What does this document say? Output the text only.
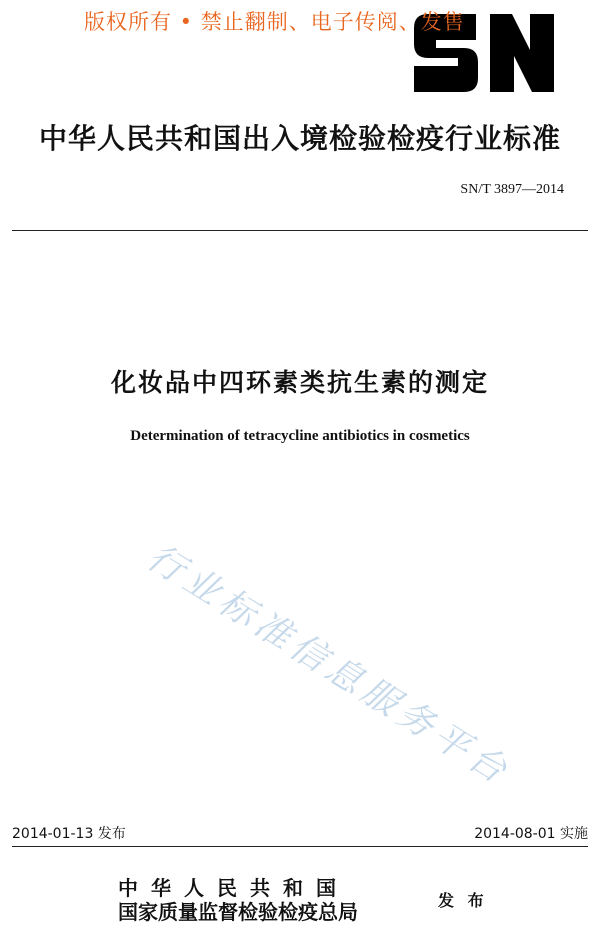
版权所有 • 禁止翻制、电子传阅、发售
中华人民共和国出入境检验检疫行业标准
SN/T 3897—2014
化妆品中四环素类抗生素的测定
Determination of tetracycline antibiotics in cosmetics
行业标准信息服务平台
2014-01-13 发布	2014-08-01 实施
中华人民共和国
国家质量监督检验检疫总局	发 布
